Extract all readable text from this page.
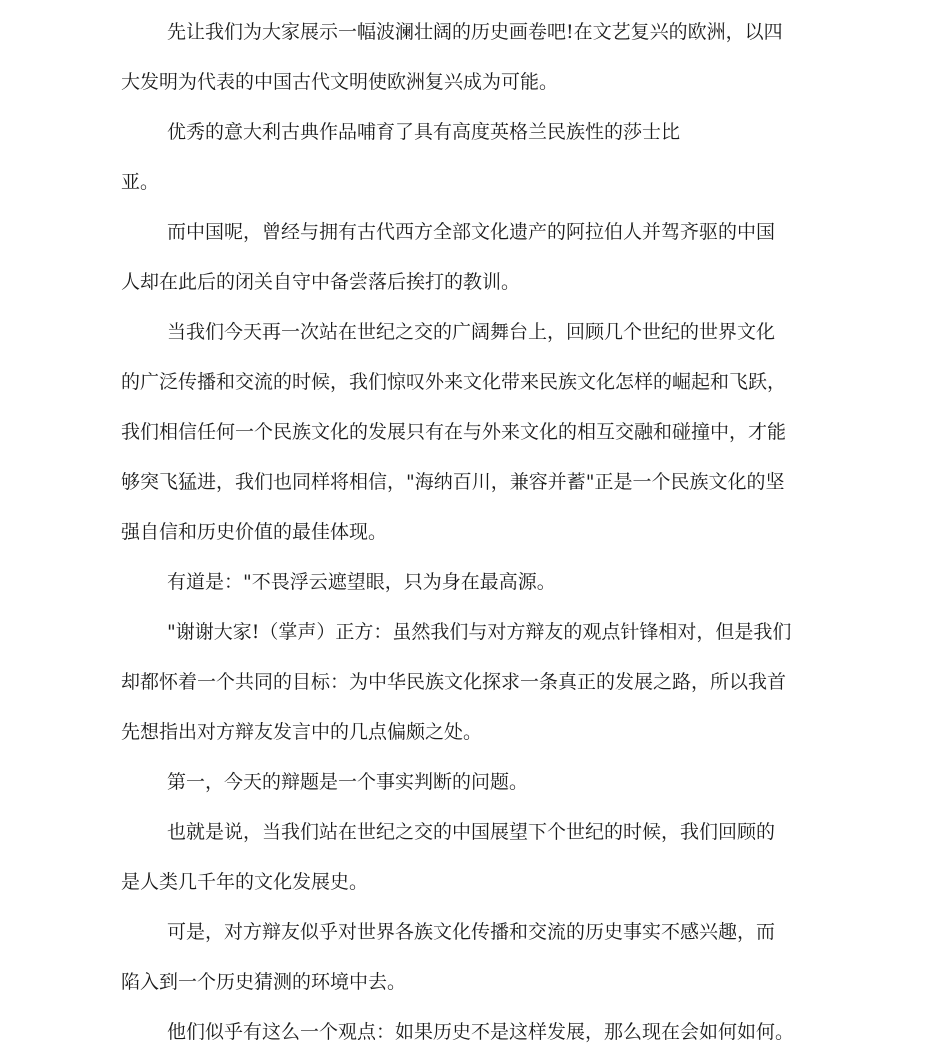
先让我们为大家展示一幅波澜壮阔的历史画卷吧!在文艺复兴的欧洲，以四
大发明为代表的中国古代文明使欧洲复兴成为可能。
优秀的意大利古典作品哺育了具有高度英格兰民族性的莎士比
亚。
而中国呢，曾经与拥有古代西方全部文化遗产的阿拉伯人并驾齐驱的中国
人却在此后的闭关自守中备尝落后挨打的教训。
当我们今天再一次站在世纪之交的广阔舞台上，回顾几个世纪的世界文化
的广泛传播和交流的时候，我们惊叹外来文化带来民族文化怎样的崛起和飞跃，
我们相信任何一个民族文化的发展只有在与外来文化的相互交融和碰撞中，才能
够突飞猛进，我们也同样将相信，"海纳百川，兼容并蓄"正是一个民族文化的坚
强自信和历史价值的最佳体现。
有道是："不畏浮云遮望眼，只为身在最高源。
"谢谢大家!（掌声）正方：虽然我们与对方辩友的观点针锋相对，但是我们
却都怀着一个共同的目标：为中华民族文化探求一条真正的发展之路，所以我首
先想指出对方辩友发言中的几点偏颇之处。
第一，今天的辩题是一个事实判断的问题。
也就是说，当我们站在世纪之交的中国展望下个世纪的时候，我们回顾的
是人类几千年的文化发展史。
可是，对方辩友似乎对世界各族文化传播和交流的历史事实不感兴趣，而
陷入到一个历史猜测的环境中去。
他们似乎有这么一个观点：如果历史不是这样发展，那么现在会如何如何。
